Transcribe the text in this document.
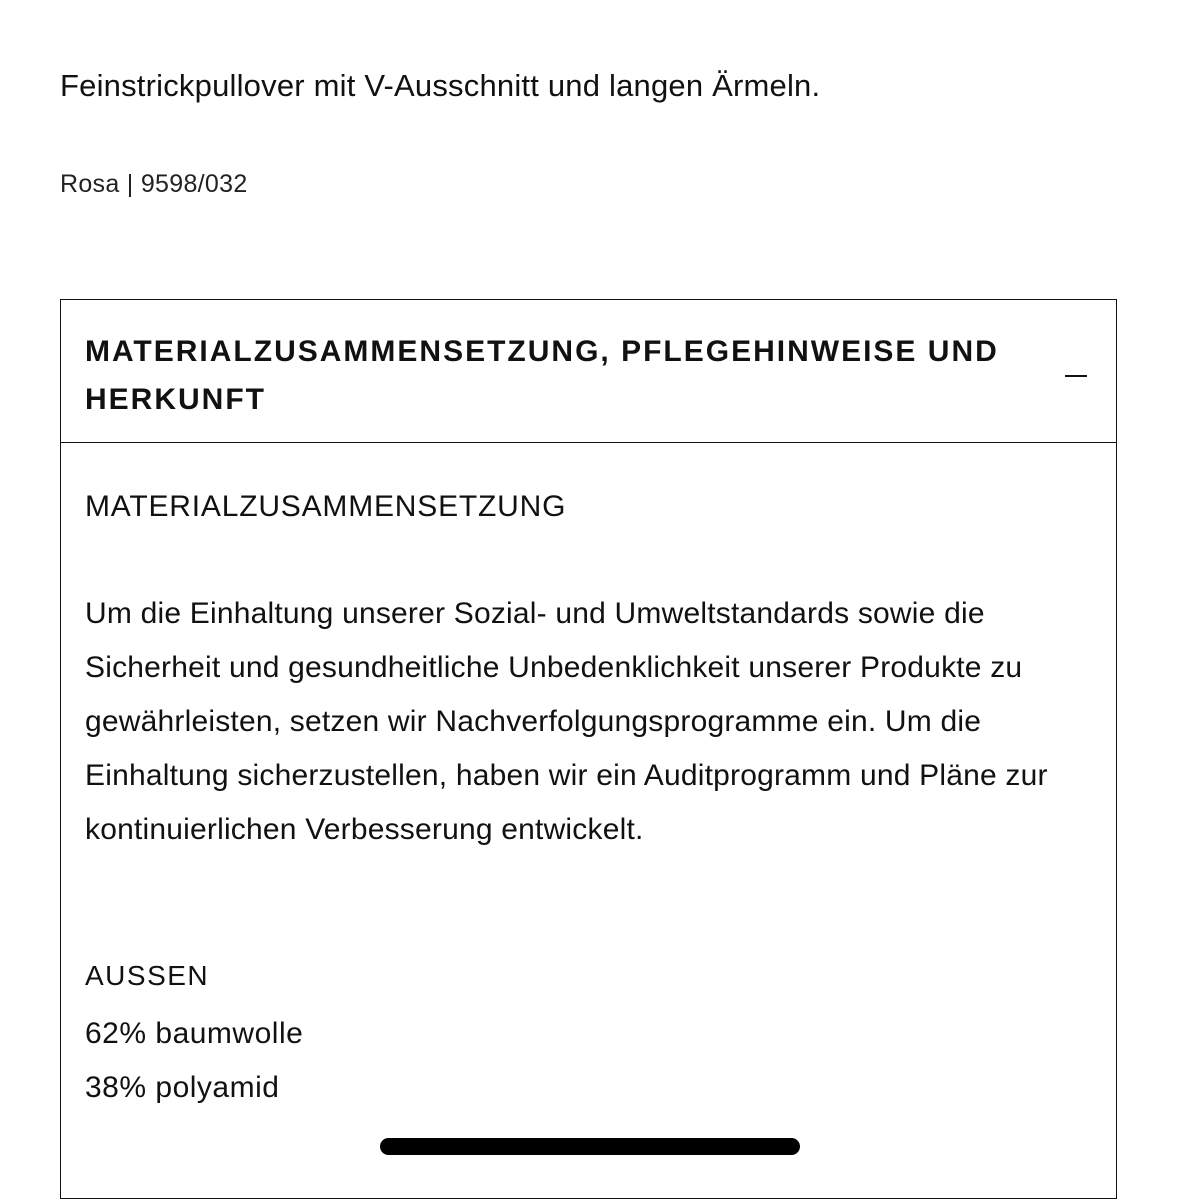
Feinstrickpullover mit V-Ausschnitt und langen Ärmeln.

Rosa | 9598/032

MATERIALZUSAMMENSETZUNG, PFLEGEHINWEISE UND HERKUNFT
MATERIALZUSAMMENSETZUNG

Um die Einhaltung unserer Sozial- und Umweltstandards sowie die Sicherheit und gesundheitliche Unbedenklichkeit unserer Produkte zu gewährleisten, setzen wir Nachverfolgungsprogramme ein. Um die Einhaltung sicherzustellen, haben wir ein Auditprogramm und Pläne zur kontinuierlichen Verbesserung entwickelt.

AUSSEN

62% baumwolle
38% polyamid
